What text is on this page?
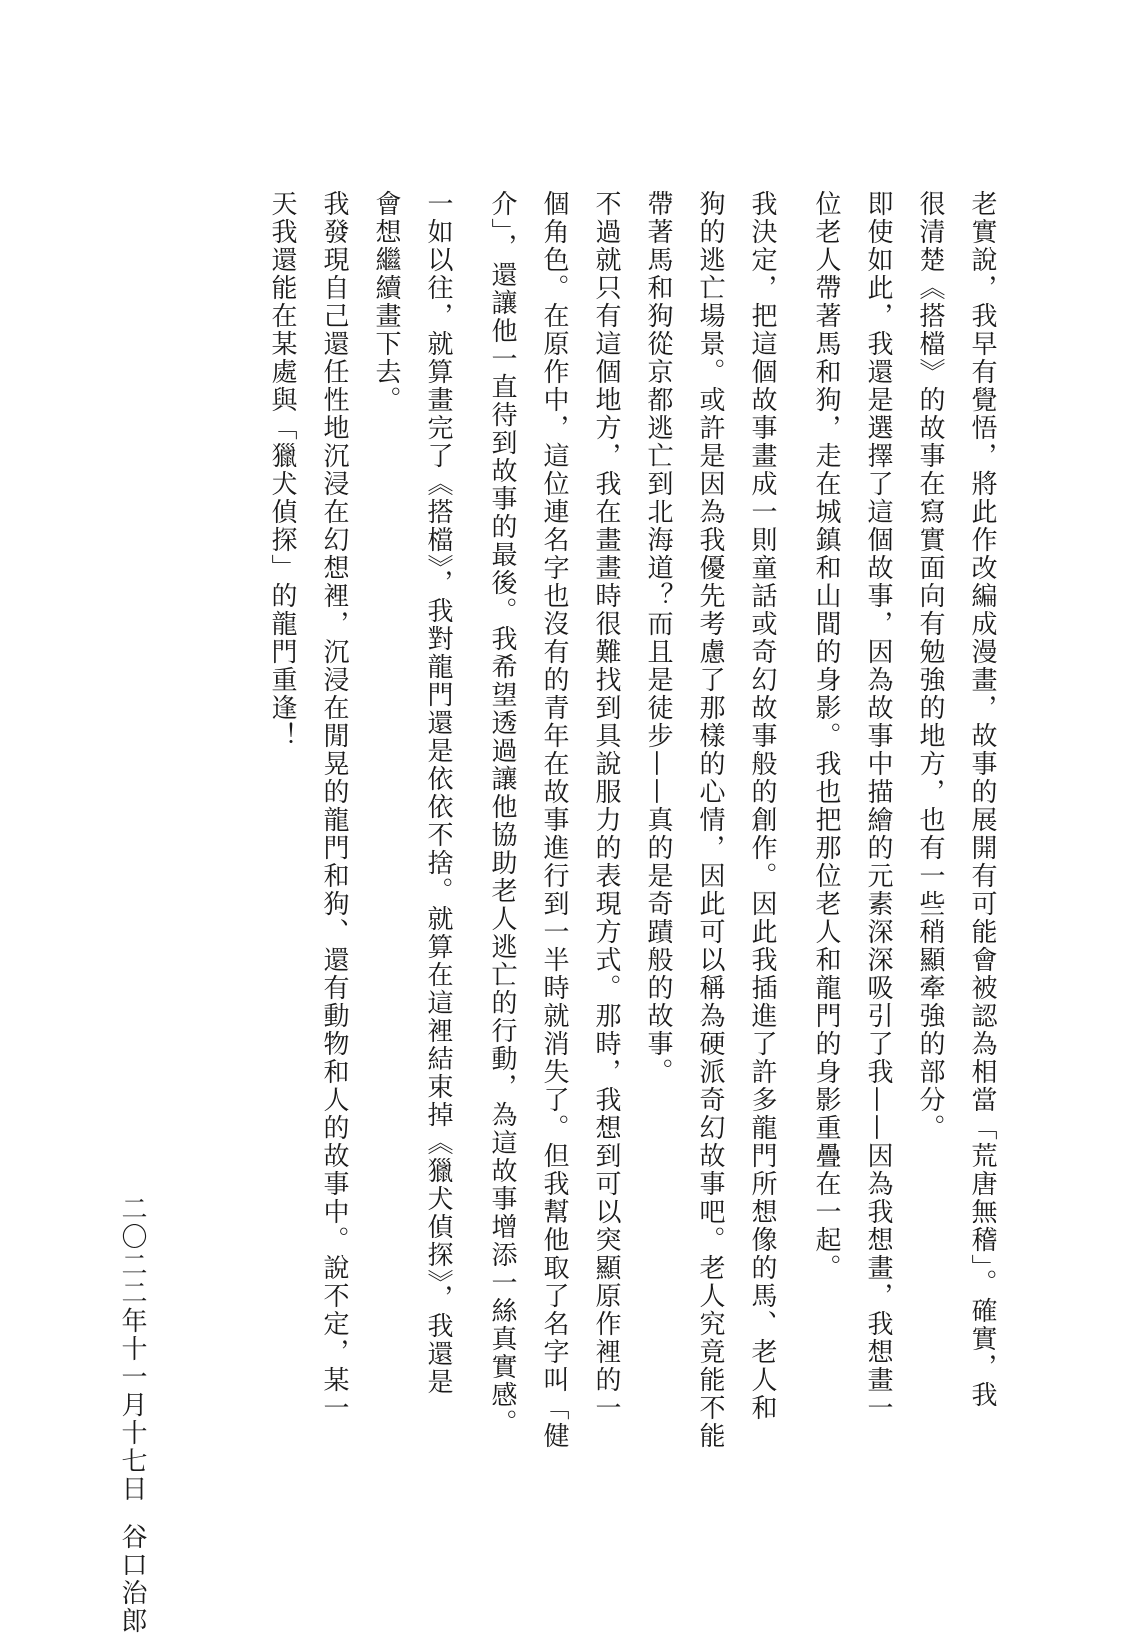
老實說，我早有覺悟，將此作改編成漫畫，故事的展開有可能會被認為相當「荒唐無稽」。確實，我
很清楚《搭檔》的故事在寫實面向有勉強的地方，也有一些稍顯牽強的部分。
即使如此，我還是選擇了這個故事，因為故事中描繪的元素深深吸引了我——因為我想畫，我想畫一
位老人帶著馬和狗，走在城鎮和山間的身影。我也把那位老人和龍門的身影重疊在一起。
我決定，把這個故事畫成一則童話或奇幻故事般的創作。因此我插進了許多龍門所想像的馬、老人和
狗的逃亡場景。或許是因為我優先考慮了那樣的心情，因此可以稱為硬派奇幻故事吧。老人究竟能不能
帶著馬和狗從京都逃亡到北海道？而且是徒步——真的是奇蹟般的故事。
不過就只有這個地方，我在畫畫時很難找到具說服力的表現方式。那時，我想到可以突顯原作裡的一
個角色。在原作中，這位連名字也沒有的青年在故事進行到一半時就消失了。但我幫他取了名字叫「健
介」，還讓他一直待到故事的最後。我希望透過讓他協助老人逃亡的行動，為這故事增添一絲真實感。
一如以往，就算畫完了《搭檔》，我對龍門還是依依不捨。就算在這裡結束掉《獵犬偵探》，我還是
會想繼續畫下去。
我發現自己還任性地沉浸在幻想裡，沉浸在閒晃的龍門和狗、還有動物和人的故事中。說不定，某一
天我還能在某處與「獵犬偵探」的龍門重逢！
二〇二二年十一月十七日谷口治郎
